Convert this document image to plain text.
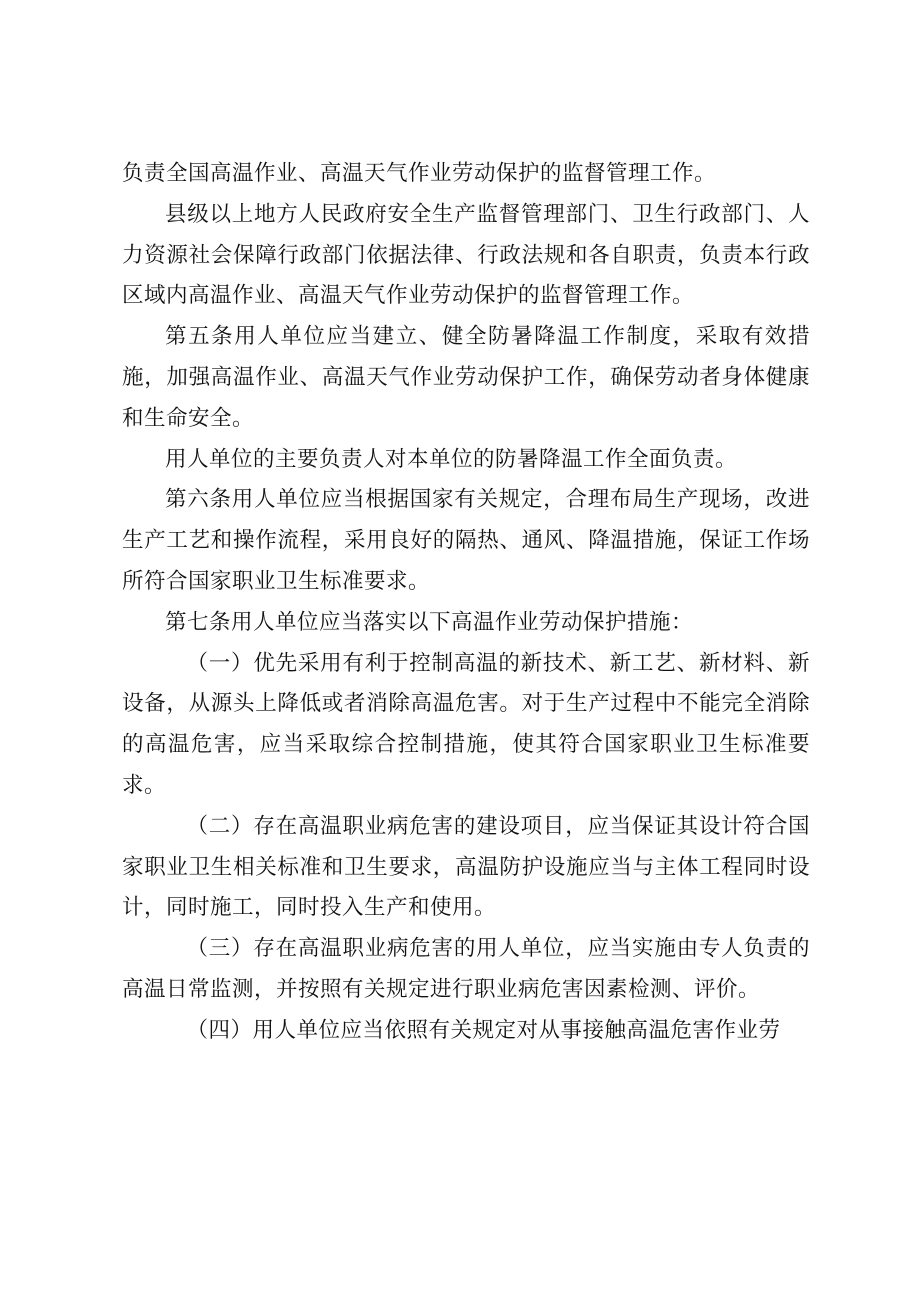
负责全国高温作业、高温天气作业劳动保护的监督管理工作。

县级以上地方人民政府安全生产监督管理部门、卫生行政部门、人力资源社会保障行政部门依据法律、行政法规和各自职责，负责本行政区域内高温作业、高温天气作业劳动保护的监督管理工作。

第五条用人单位应当建立、健全防暑降温工作制度，采取有效措施，加强高温作业、高温天气作业劳动保护工作，确保劳动者身体健康和生命安全。

用人单位的主要负责人对本单位的防暑降温工作全面负责。

第六条用人单位应当根据国家有关规定，合理布局生产现场，改进生产工艺和操作流程，采用良好的隔热、通风、降温措施，保证工作场所符合国家职业卫生标准要求。

第七条用人单位应当落实以下高温作业劳动保护措施：

（一）优先采用有利于控制高温的新技术、新工艺、新材料、新设备，从源头上降低或者消除高温危害。对于生产过程中不能完全消除的高温危害，应当采取综合控制措施，使其符合国家职业卫生标准要求。

（二）存在高温职业病危害的建设项目，应当保证其设计符合国家职业卫生相关标准和卫生要求，高温防护设施应当与主体工程同时设计，同时施工，同时投入生产和使用。

（三）存在高温职业病危害的用人单位，应当实施由专人负责的高温日常监测，并按照有关规定进行职业病危害因素检测、评价。

（四）用人单位应当依照有关规定对从事接触高温危害作业劳
